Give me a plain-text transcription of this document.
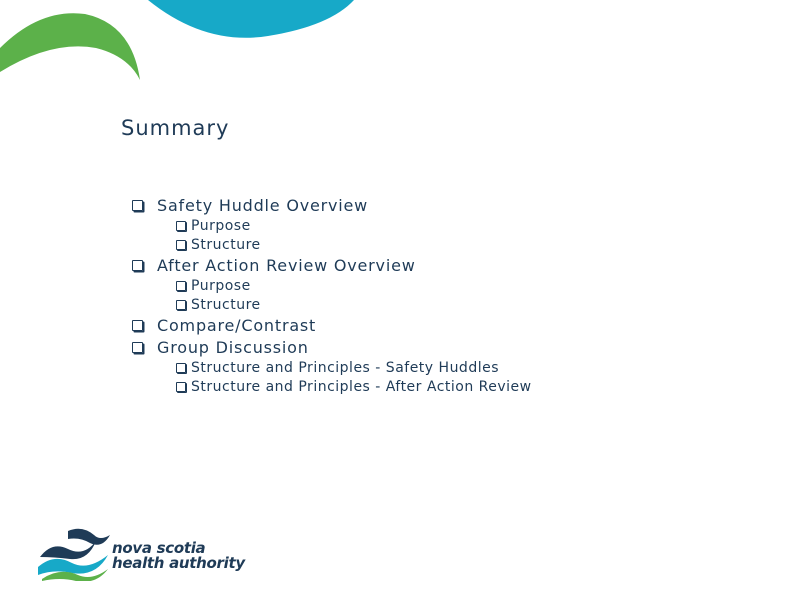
Summary
Safety Huddle Overview
Purpose
Structure
After Action Review Overview
Purpose
Structure
Compare/Contrast
Group Discussion
Structure and Principles - Safety Huddles
Structure and Principles - After Action Review
nova scotia
health authority
